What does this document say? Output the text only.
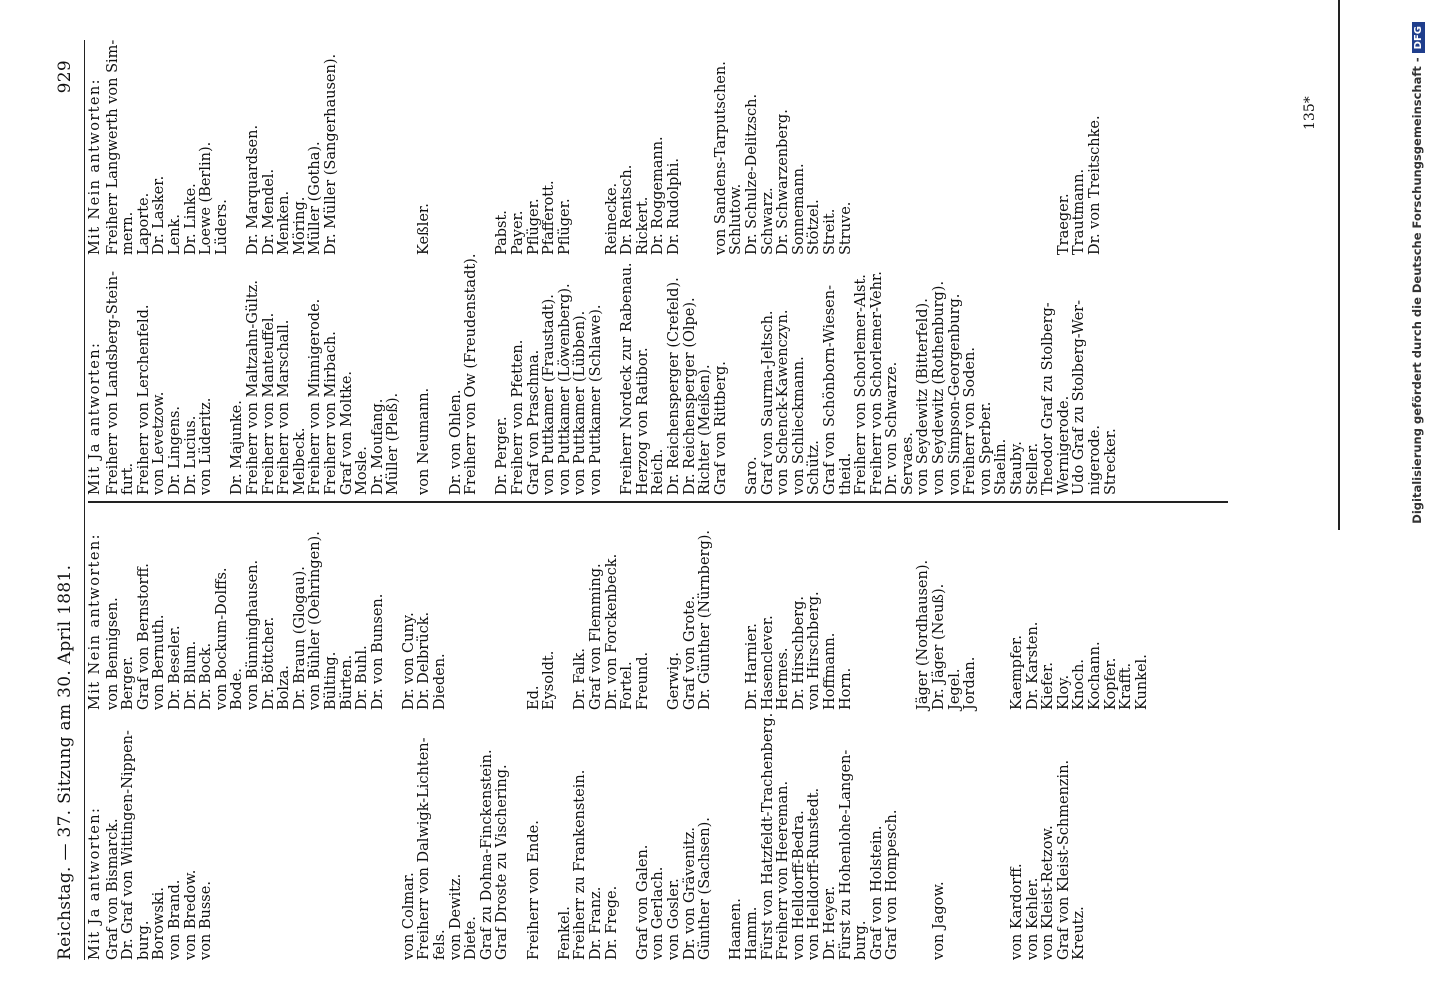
Reichstag. — 37. Sitzung am 30. April 1881.
929
Mit Ja antworten: Graf von Bismarck. Dr. Graf von Wittingen-Nippen- burg. Borowski. von Brand. von Bredow. von Busse.	von Colmar. Freiherr von Dalwigk-Lichten- fels. von Dewitz. Diete. Graf zu Dohna-Finckenstein. Graf Droste zu Vischering. Freiherr von Ende. Fenkel. Freiherr zu Frankenstein. Dr. Franz. Dr. Frege. Graf von Galen. von Gerlach. von Gosler. Dr. von Grävenitz. Günther (Sachsen). Haanen. Hamm. Fürst von Hatzfeldt-Trachenberg. Freiherr von Heereman. von Helldorff-Bedra. von Helldorff-Runstedt. Dr. Heyer. Fürst zu Hohenlohe-Langen- burg. Graf von Holstein. Graf von Hompesch. von Jagow.	von Kardorff. von Kehler. von Kleist-Retzow. Graf von Kleist-Schmenzin. Kreutz.
Mit Nein antworten: von Bennigsen. Berger. Graf von Bernstorff. von Bernuth. Dr. Beseler. Dr. Blum. Dr. Bock. von Bockum-Dolffs. Bode. von Bünninghausen. Dr. Böttcher. Bolza. Dr. Braun (Glogau). von Bühler (Oehringen). Bülting. Bürten. Dr. Buhl. Dr. von Bunsen. Dr. von Cuny. Dr. Delbrück. Dieden.	Ed. Eysoldt. Dr. Falk. Graf von Flemming. Dr. von Forckenbeck. Fortel. Freund. Gerwig. Graf von Grote. Dr. Günther (Nürnberg). Dr. Harnier. Hasenclever. Hermes. Dr. Hirschberg. von Hirschberg. Hoffmann. Horn.	Jäger (Nordhausen). Dr. Jäger (Neuß). Jegel. Jordan. Kaempfer. Dr. Karsten. Kiefer. Kloy. Knoch. Kochann. Kopfer. Krafft. Kunkel.
Mit Ja antworten: Freiherr von Landsberg-Stein- furt. Freiherr von Lerchenfeld. von Levetzow. Dr. Lingens. Dr. Lucius. von Lüderitz. Dr. Majunke. Freiherr von Maltzahn-Gültz. Freiherr von Manteuffel. Freiherr von Marschall. Melbeck. Freiherr von Minnigerode. Freiherr von Mirbach. Graf von Moltke. Mosle. Dr. Moufang. Müller (Pleß). von Neumann. Dr. von Ohlen. Freiherr von Ow (Freudenstadt). Dr. Perger. Freiherr von Pfetten. Graf von Praschma. von Puttkamer (Fraustadt). von Puttkamer (Löwenberg). von Puttkamer (Lübben). von Puttkamer (Schlawe). Freiherr Nordeck zur Rabenau. Herzog von Ratibor. Reich. Dr. Reichensperger (Crefeld). Dr. Reichensperger (Olpe). Richter (Meißen). Graf von Rittberg. Saro. Graf von Saurma-Jeltsch. von Schenck-Kawenczyn. von Schlieckmann. Schütz. Graf von Schönborn-Wiesen- theid. Freiherr von Schorlemer-Alst. Freiherr von Schorlemer-Vehr. Dr. von Schwarze. Servaes. von Seydewitz (Bitterfeld). von Seydewitz (Rothenburg). von Simpson-Georgenburg. Freiherr von Soden. von Sperber. Staelin. Stauby. Steller. Theodor Graf zu Stolberg- Wernigerode. Udo Graf zu Stolberg-Wer- nigerode. Strecker.
Mit Nein antworten: Freiherr Langwerth von Sim- mern. Laporte. Dr. Lasker. Lenk. Dr. Linke. Loewe (Berlin). Lüders. Dr. Marquardsen. Dr. Mendel. Menken. Möring. Müller (Gotha). Dr. Müller (Sangerhausen).	Keßler.	Pabst. Payer. Pflüger. Pfafferott. Pflüger. Reinecke. Dr. Rentsch. Rickert. Dr. Roggemann. Dr. Rudolphi. von Sandens-Tarputschen. Schlutow. Dr. Schulze-Delitzsch. Schwarz. Dr. Schwarzenberg. Sonnemann. Stötzel. Streit. Struve.	Traeger. Trautmann. Dr. von Treitschke.
135*	Digitalisierung gefördert durch die Deutsche Forschungsgemeinschaft -DFG
